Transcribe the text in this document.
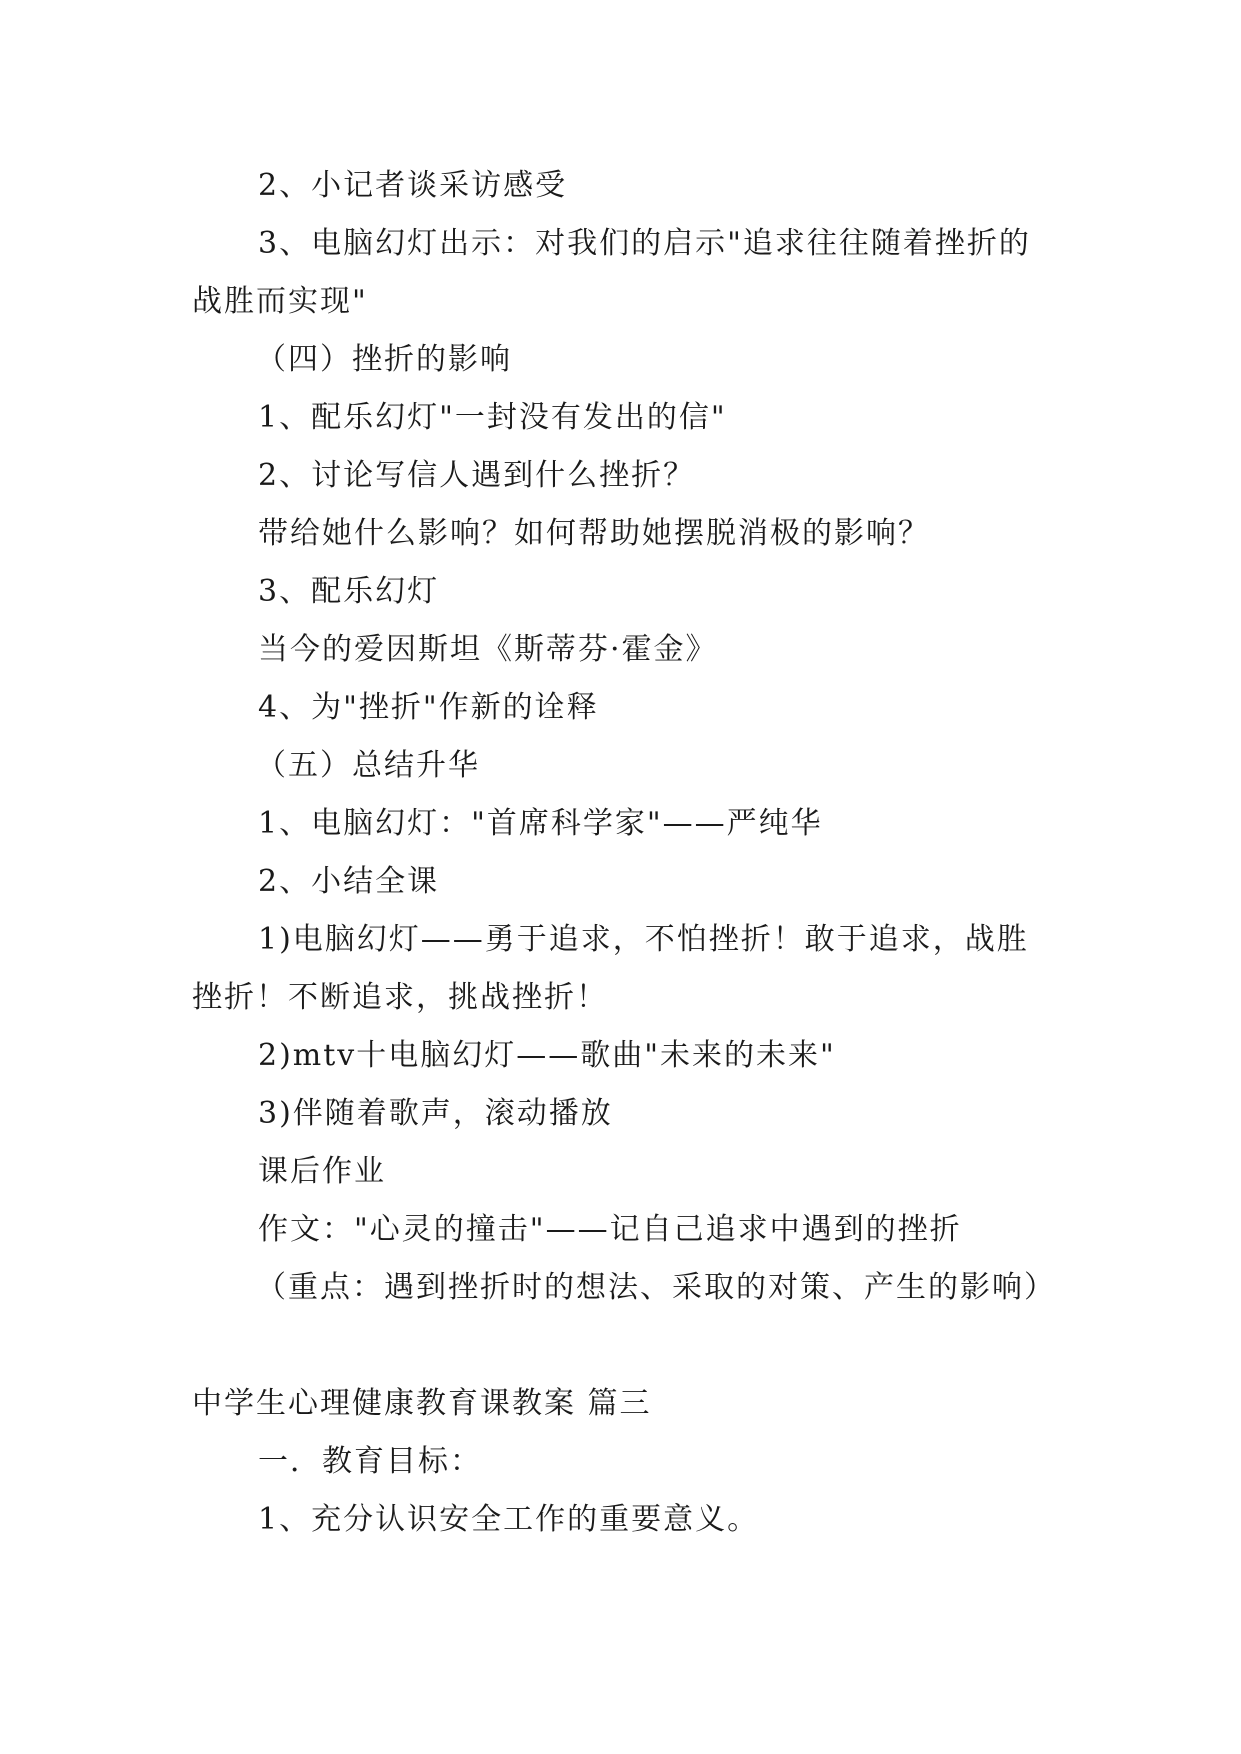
2、小记者谈采访感受
3、电脑幻灯出示：对我们的启示"追求往往随着挫折的
战胜而实现"
（四）挫折的影响
1、配乐幻灯"一封没有发出的信"
2、讨论写信人遇到什么挫折？
带给她什么影响？如何帮助她摆脱消极的影响？
3、配乐幻灯
当今的爱因斯坦《斯蒂芬·霍金》
4、为"挫折"作新的诠释
（五）总结升华
1、电脑幻灯："首席科学家"——严纯华
2、小结全课
1)电脑幻灯——勇于追求，不怕挫折！敢于追求，战胜
挫折！不断追求，挑战挫折！
2)mtv十电脑幻灯——歌曲"未来的未来"
3)伴随着歌声，滚动播放
课后作业
作文："心灵的撞击"——记自己追求中遇到的挫折
（重点：遇到挫折时的想法、采取的对策、产生的影响）
中学生心理健康教育课教案 篇三
一．教育目标：
1、充分认识安全工作的重要意义。
